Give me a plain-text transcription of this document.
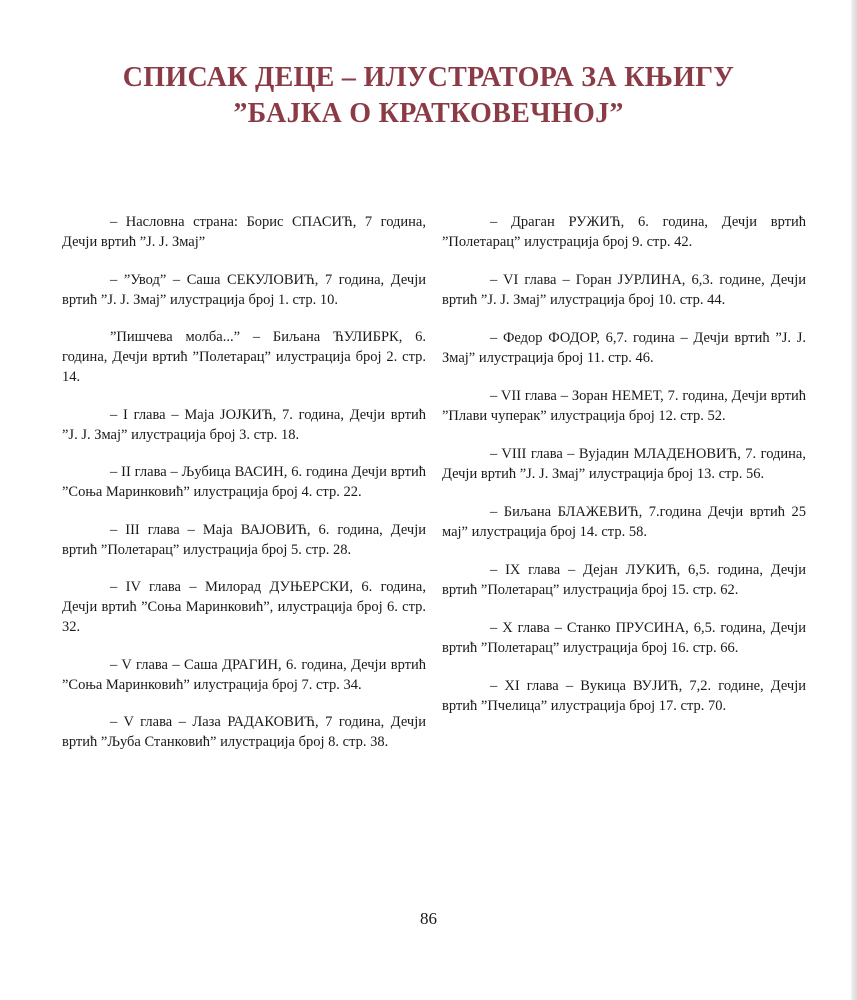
СПИСАК ДЕЦЕ – ИЛУСТРАТОРА ЗА КЊИГУ
”БАЈКА О КРАТКОВЕЧНОЈ”

– Насловна страна: Борис СПАСИЋ, 7 година, Дечји вртић ”Ј. Ј. Змај”

– ”Увод” – Саша СЕКУЛОВИЋ, 7 година, Дечји вртић ”Ј. Ј. Змај” илустрација број 1. стр. 10.

”Пишчева молба...” – Биљана ЋУЛИБРК, 6. година, Дечји вртић ”Полетарац” илустрација број 2. стр. 14.

– I глава – Маја ЈОЈКИЋ, 7. година, Дечји вртић ”Ј. Ј. Змај” илустрација број 3. стр. 18.

– II глава – Љубица ВАСИН, 6. година Дечји вртић ”Соња Маринковић” илустрација број 4. стр. 22.

– III глава – Маја ВАЈОВИЋ, 6. година, Дечји вртић ”Полетарац” илустрација број 5. стр. 28.

– IV глава – Милорад ДУЊЕРСКИ, 6. година, Дечји вртић ”Соња Маринковић”, илустрација број 6. стр. 32.

– V глава – Саша ДРАГИН, 6. година, Дечји вртић ”Соња Маринковић” илустрација број 7. стр. 34.

– V глава – Лаза РАДАКОВИЋ, 7 година, Дечји вртић ”Љуба Станковић” илустрација број 8. стр. 38.

– Драган РУЖИЋ, 6. година, Дечји вртић ”Полетарац” илустрација број 9. стр. 42.

– VI глава – Горан ЈУРЛИНА, 6,3. године, Дечји вртић ”Ј. Ј. Змај” илустрација број 10. стр. 44.

– Федор ФОДОР, 6,7. година – Дечји вртић ”Ј. Ј. Змај” илустрација број 11. стр. 46.

– VII глава – Зоран НЕМЕТ, 7. година, Дечји вртић ”Плави чуперак” илустрација број 12. стр. 52.

– VIII глава – Вујадин МЛАДЕНОВИЋ, 7. година, Дечји вртић ”Ј. Ј. Змај” илустрација број 13. стр. 56.

– Биљана БЛАЖЕВИЋ, 7.година Дечји вртић 25 мај” илустрација број 14. стр. 58.

– IX глава – Дејан ЛУКИЋ, 6,5. година, Дечји вртић ”Полетарац” илустрација број 15. стр. 62.

– X глава – Станко ПРУСИНА, 6,5. година, Дечји вртић ”Полетарац” илустрација број 16. стр. 66.

– XI глава – Вукица ВУЈИЋ, 7,2. године, Дечји вртић ”Пчелица” илустрација број 17. стр. 70.

86
